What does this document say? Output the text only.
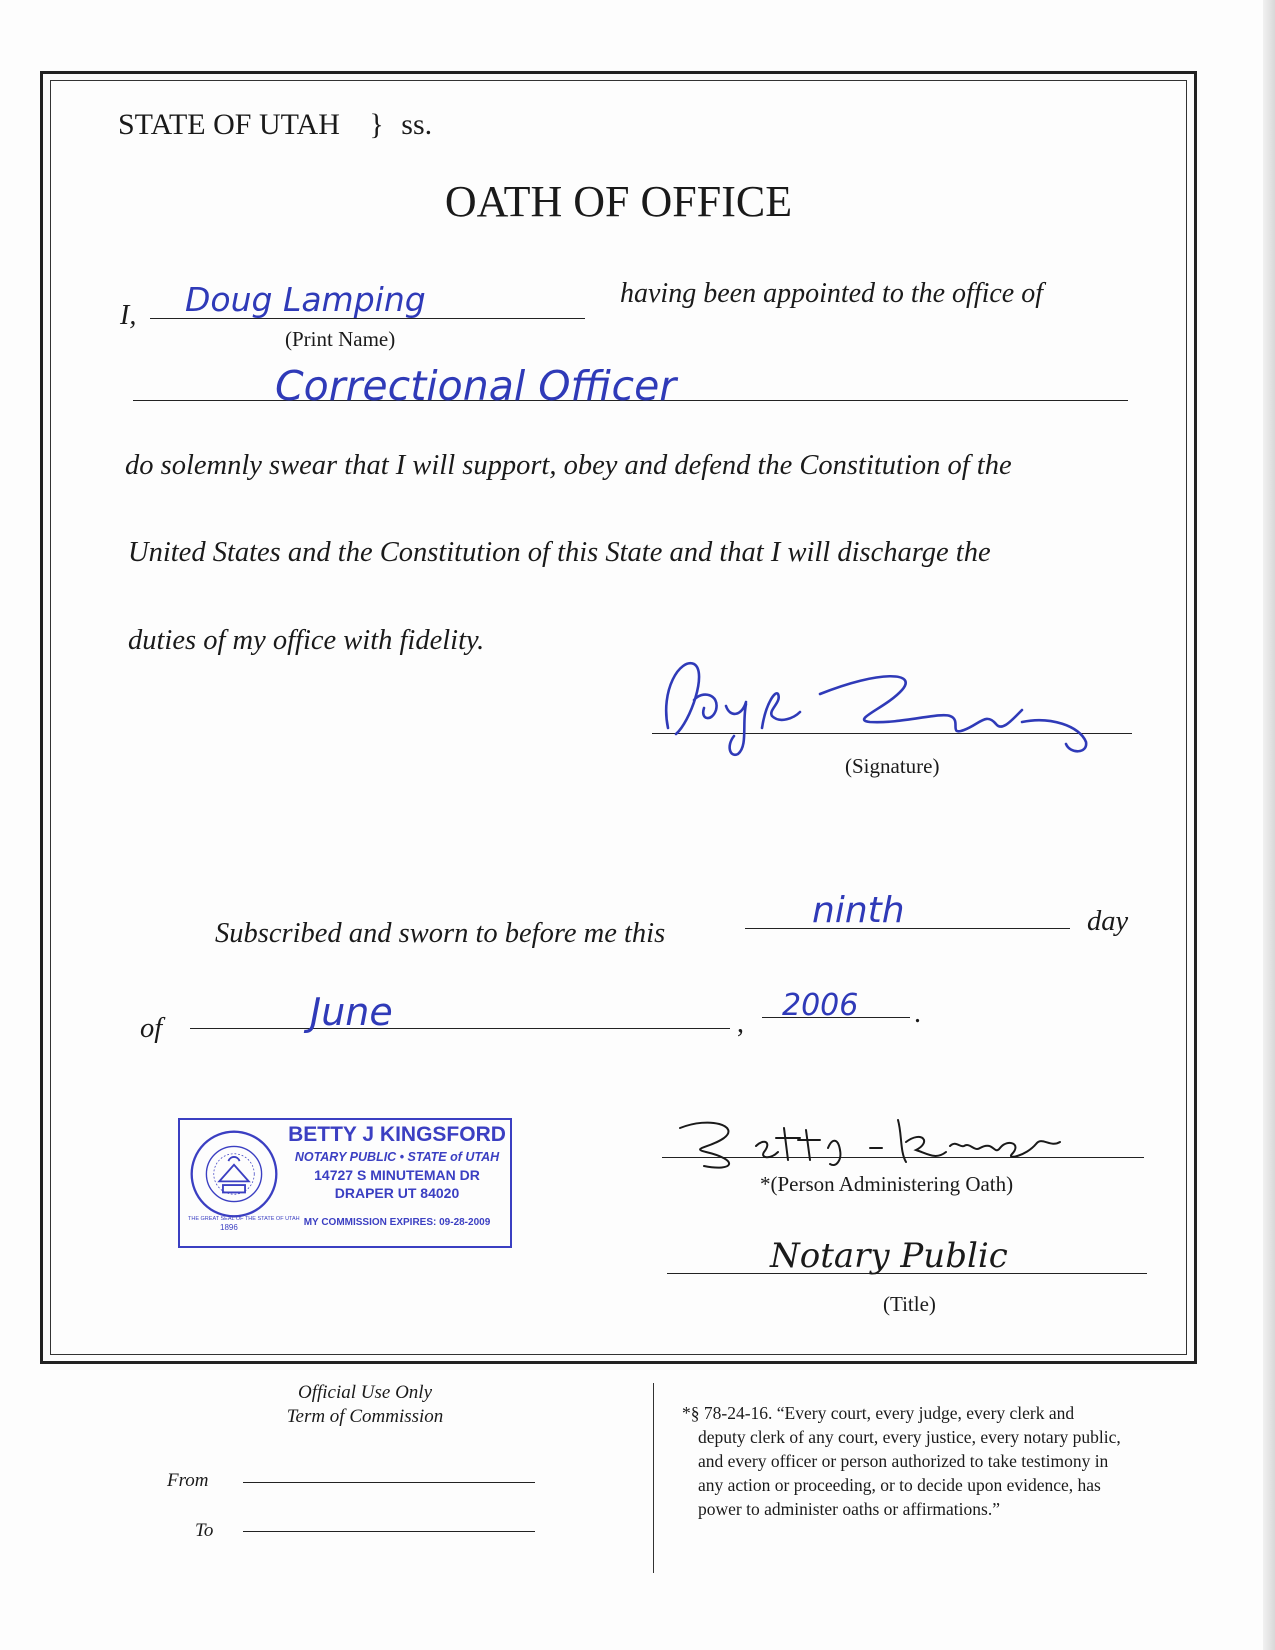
STATE OF UTAH } ss.
OATH OF OFFICE
I, Doug Lamping
(Print Name)
having been appointed to the office of
Correctional Officer
do solemnly swear that I will support, obey and defend the Constitution of the
United States and the Constitution of this State and that I will discharge the
duties of my office with fidelity.
(Signature)
Subscribed and sworn to before me this
ninth	day
of	June	,
2006 .
THE GREAT SEAL OF THE STATE OF UTAH
1896
BETTY J KINGSFORD
NOTARY PUBLIC • STATE of UTAH
14727 S MINUTEMAN DR
DRAPER UT 84020
MY COMMISSION EXPIRES: 09-28-2009
*(Person Administering Oath)
Notary Public
(Title)
Official Use Only
Term of Commission
From
To
*§ 78-24-16. “Every court, every judge, every clerk and
deputy clerk of any court, every justice, every notary public,
and every officer or person authorized to take testimony in
any action or proceeding, or to decide upon evidence, has
power to administer oaths or affirmations.”
